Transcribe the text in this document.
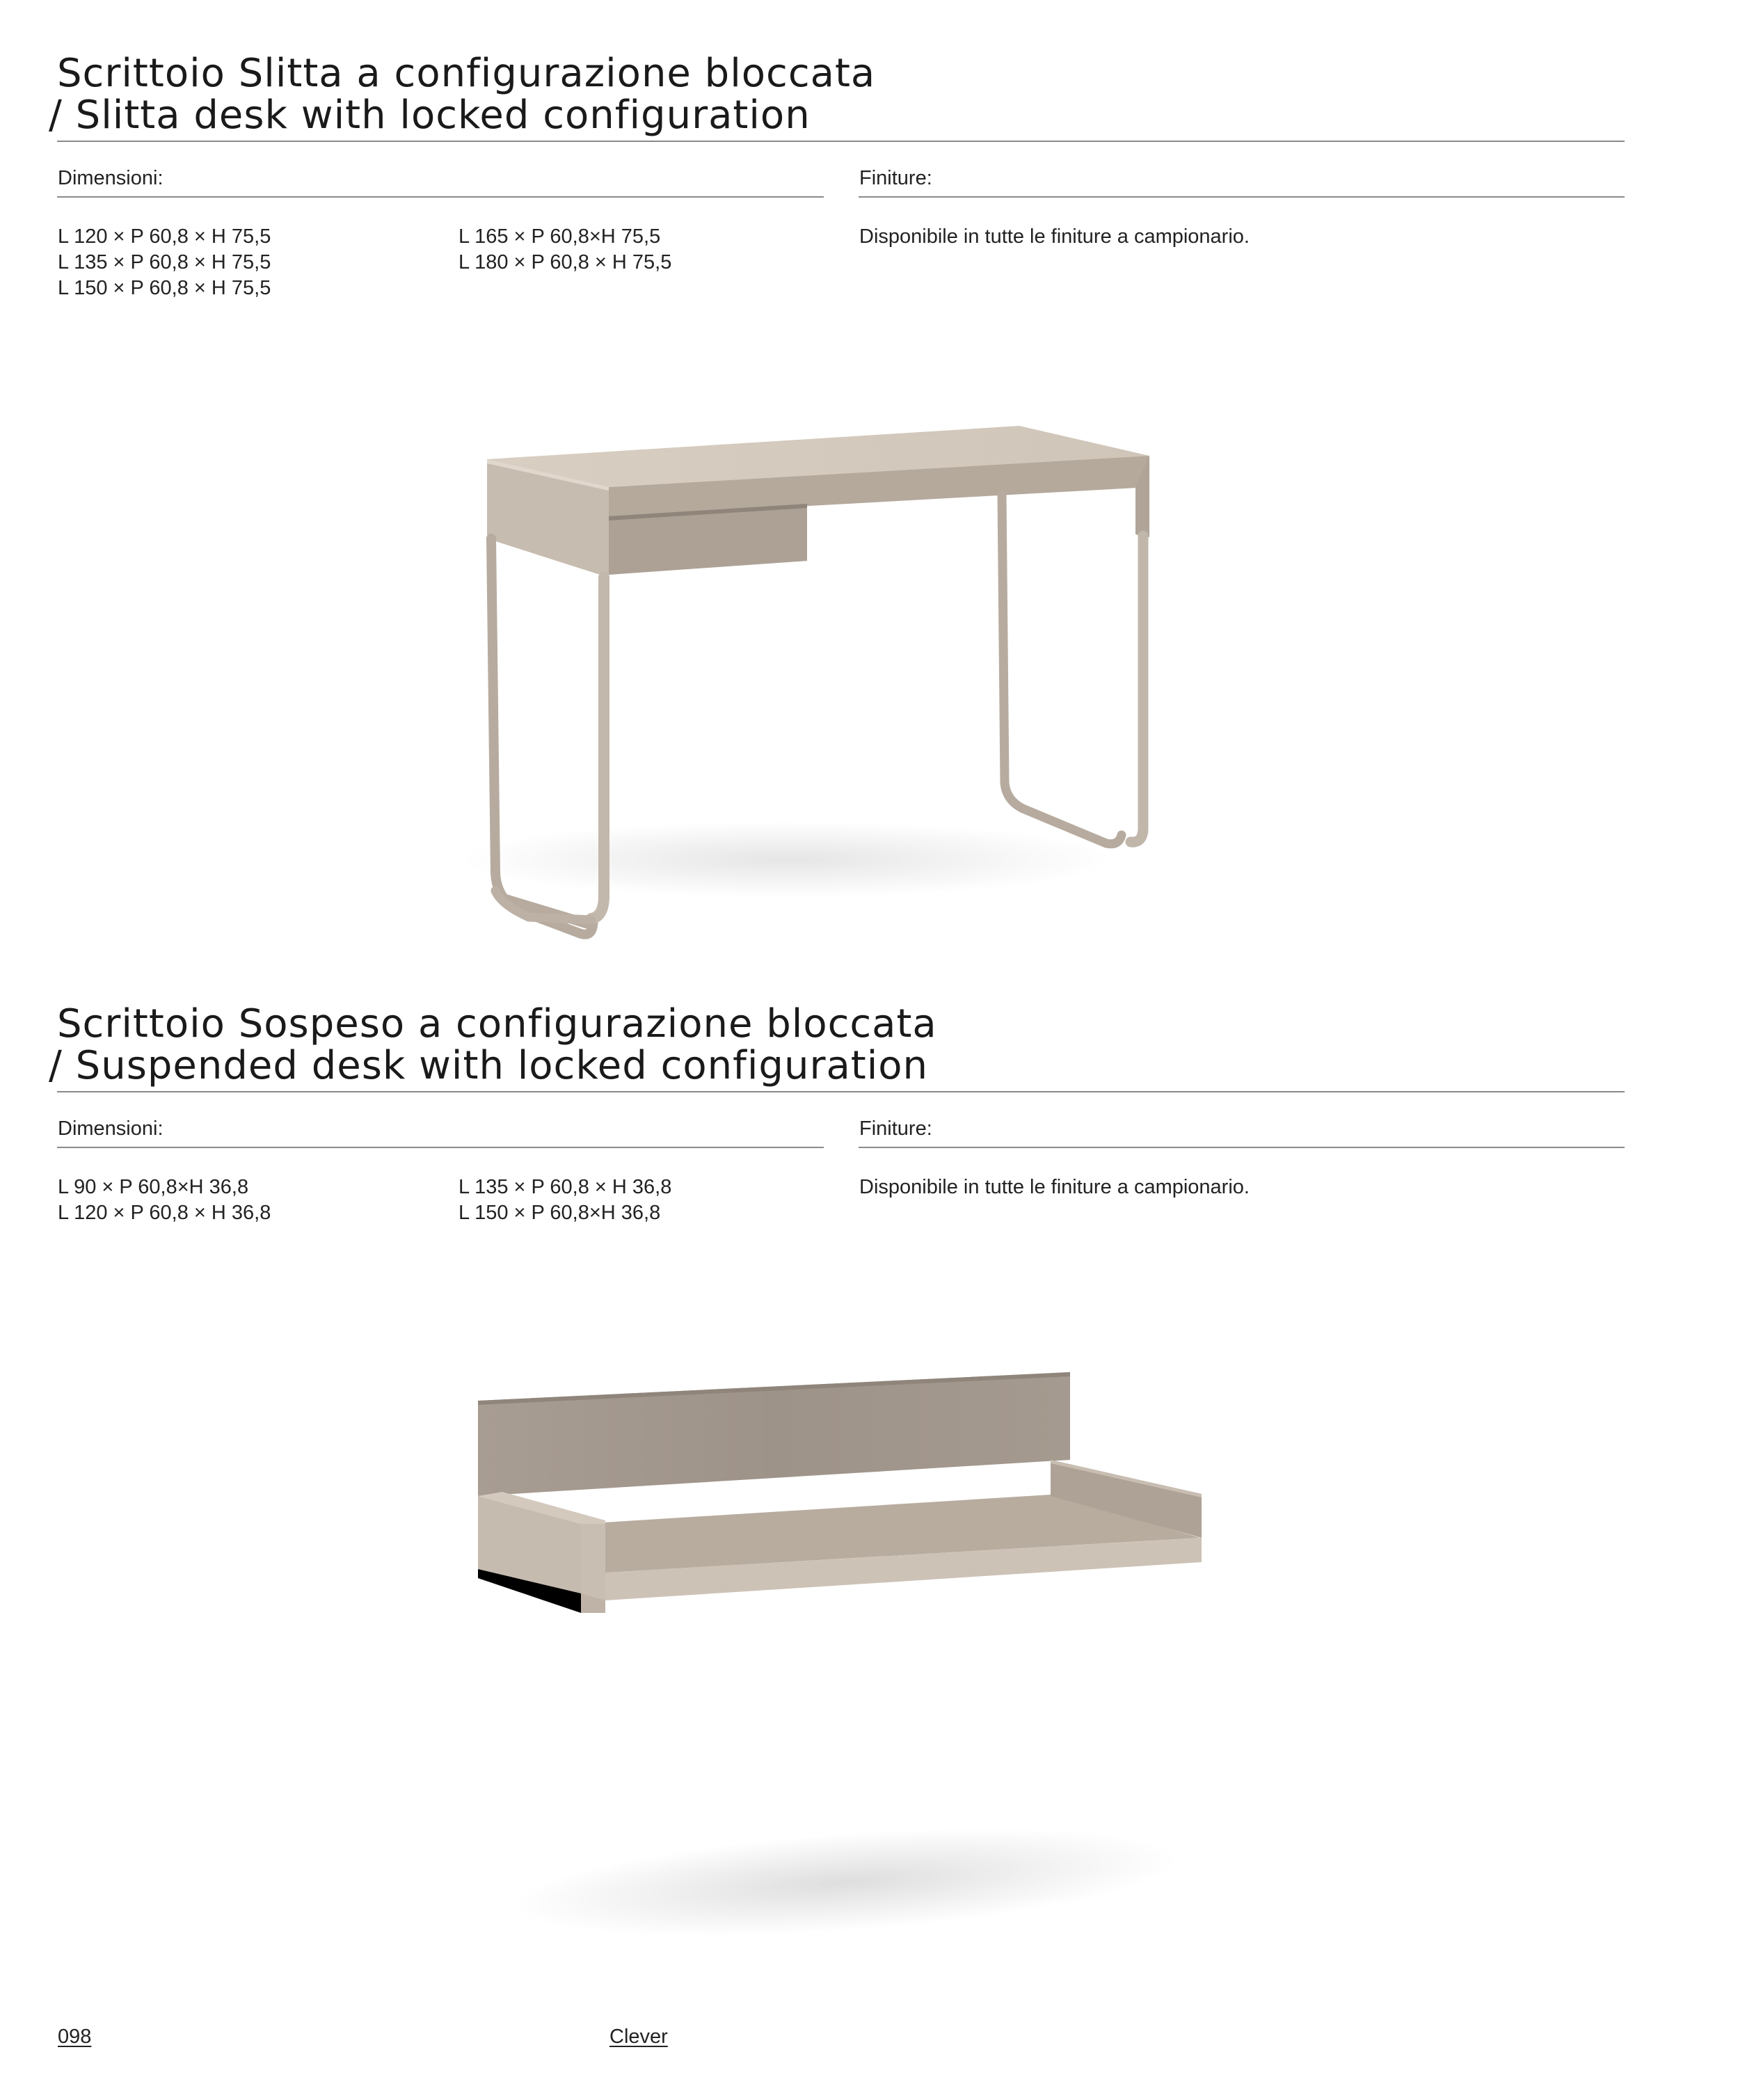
Scrittoio Slitta a configurazione bloccata
/ Slitta desk with locked configuration
Dimensioni:	Finiture:
L 120 × P 60,8 × H 75,5
L 135 × P 60,8 × H 75,5
L 150 × P 60,8 × H 75,5
L 165 × P 60,8×H 75,5
L 180 × P 60,8 × H 75,5
Disponibile in tutte le finiture a campionario.
Scrittoio Sospeso a configurazione bloccata
/ Suspended desk with locked configuration
Dimensioni:	Finiture:
L 90 × P 60,8×H 36,8
L 120 × P 60,8 × H 36,8
L 135 × P 60,8 × H 36,8
L 150 × P 60,8×H 36,8
Disponibile in tutte le finiture a campionario.
098	Clever
